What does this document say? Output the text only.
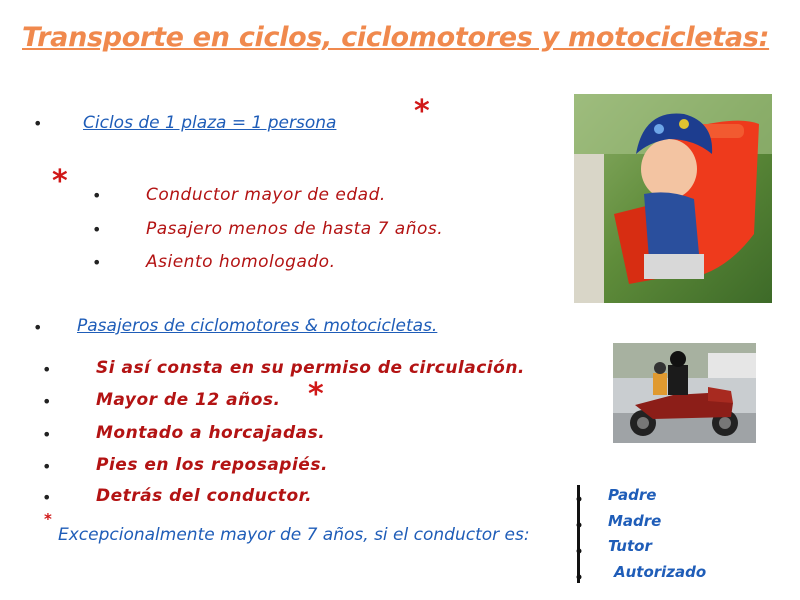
Transporte en ciclos, ciclomotores y motocicletas:
• Ciclos de 1 plaza = 1 persona	*
* •	Conductor mayor de edad.
•	Pasajero menos de hasta 7 años.
•	Asiento homologado.
• Pasajeros de ciclomotores & motocicletas.
•	Si así consta en su permiso de circulación.
•	Mayor de 12 años. *
•	Montado a horcajadas.
•	Pies en los reposapiés.
•	Detrás del conductor.
*
Excepcionalmente mayor de 7 años, si el conductor es:
Padre
Madre
Tutor
Autorizado
